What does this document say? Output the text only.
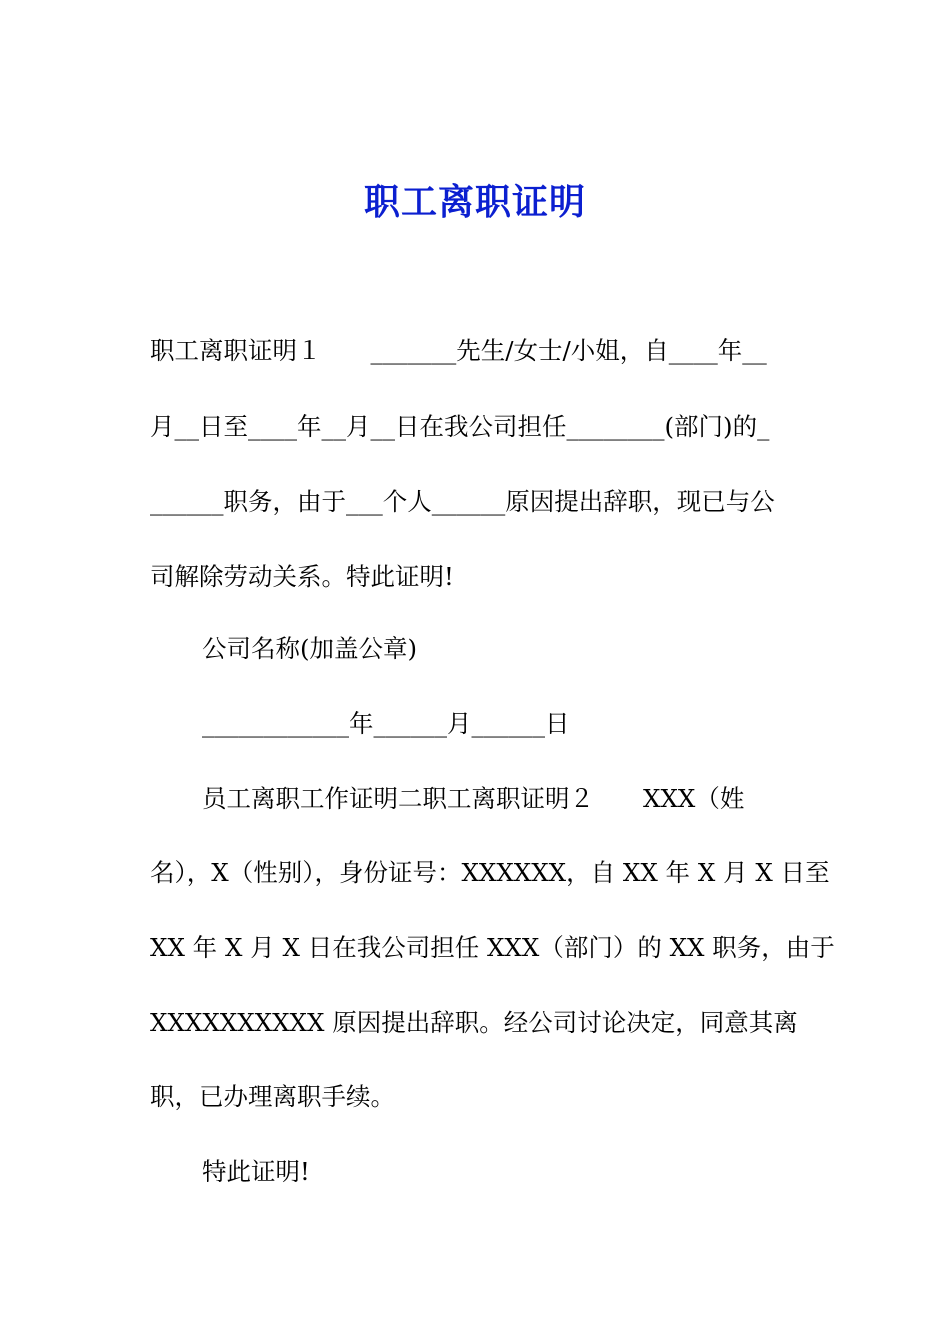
职工离职证明

职工离职证明１　　_______先生/女士/小姐，自____年__

月__日至____年__月__日在我公司担任________(部门)的_

______职务，由于___个人______原因提出辞职，现已与公

司解除劳动关系。特此证明!

公司名称(加盖公章)

____________年______月______日

员工离职工作证明二职工离职证明２　　XXX（姓

名），X（性别），身份证号：XXXXXX，自 XX 年 X 月 X 日至

XX 年 X 月 X 日在我公司担任 XXX（部门）的 XX 职务，由于

XXXXXXXXXX 原因提出辞职。经公司讨论决定，同意其离

职，已办理离职手续。

特此证明!
